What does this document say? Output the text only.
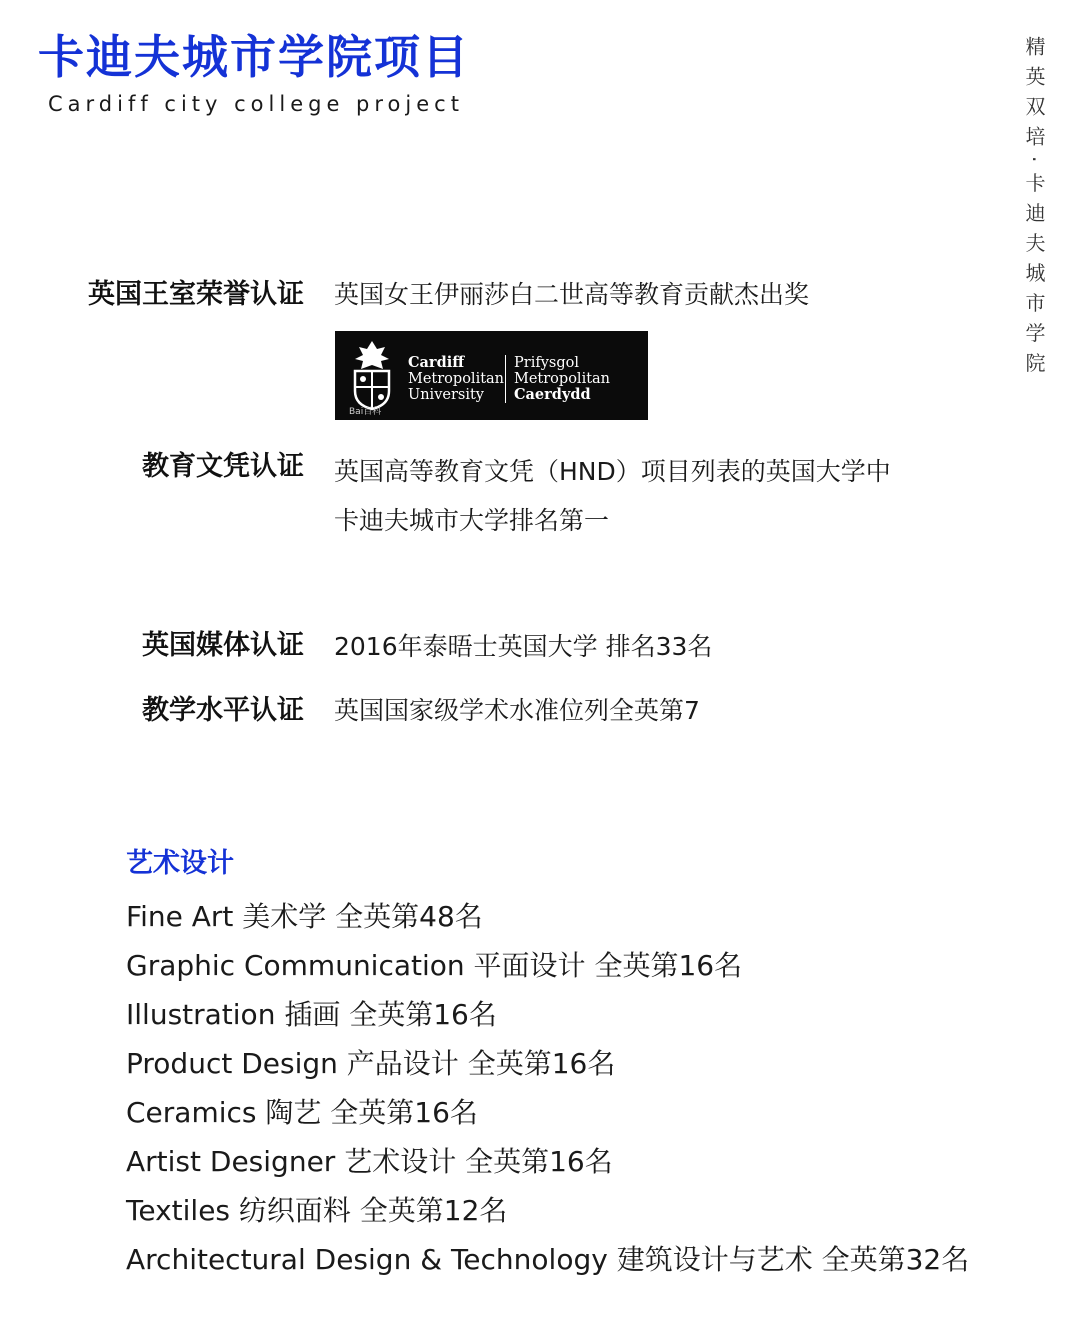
卡迪夫城市学院项目
Cardiff city college project	精英双培·卡迪夫城市学院
英国王室荣誉认证 英国女王伊丽莎白二世高等教育贡献杰出奖
Bai百科
Cardiff
Metropolitan
University
Prifysgol
Metropolitan
Caerdydd
教育文凭认证 英国高等教育文凭（HND）项目列表的英国大学中
卡迪夫城市大学排名第一
英国媒体认证 2016年泰晤士英国大学 排名33名
教学水平认证 英国国家级学术水准位列全英第7
艺术设计
Fine Art 美术学 全英第48名
Graphic Communication 平面设计 全英第16名
Illustration 插画 全英第16名
Product Design 产品设计 全英第16名
Ceramics 陶艺 全英第16名
Artist Designer 艺术设计 全英第16名
Textiles 纺织面料 全英第12名
Architectural Design & Technology 建筑设计与艺术 全英第32名
